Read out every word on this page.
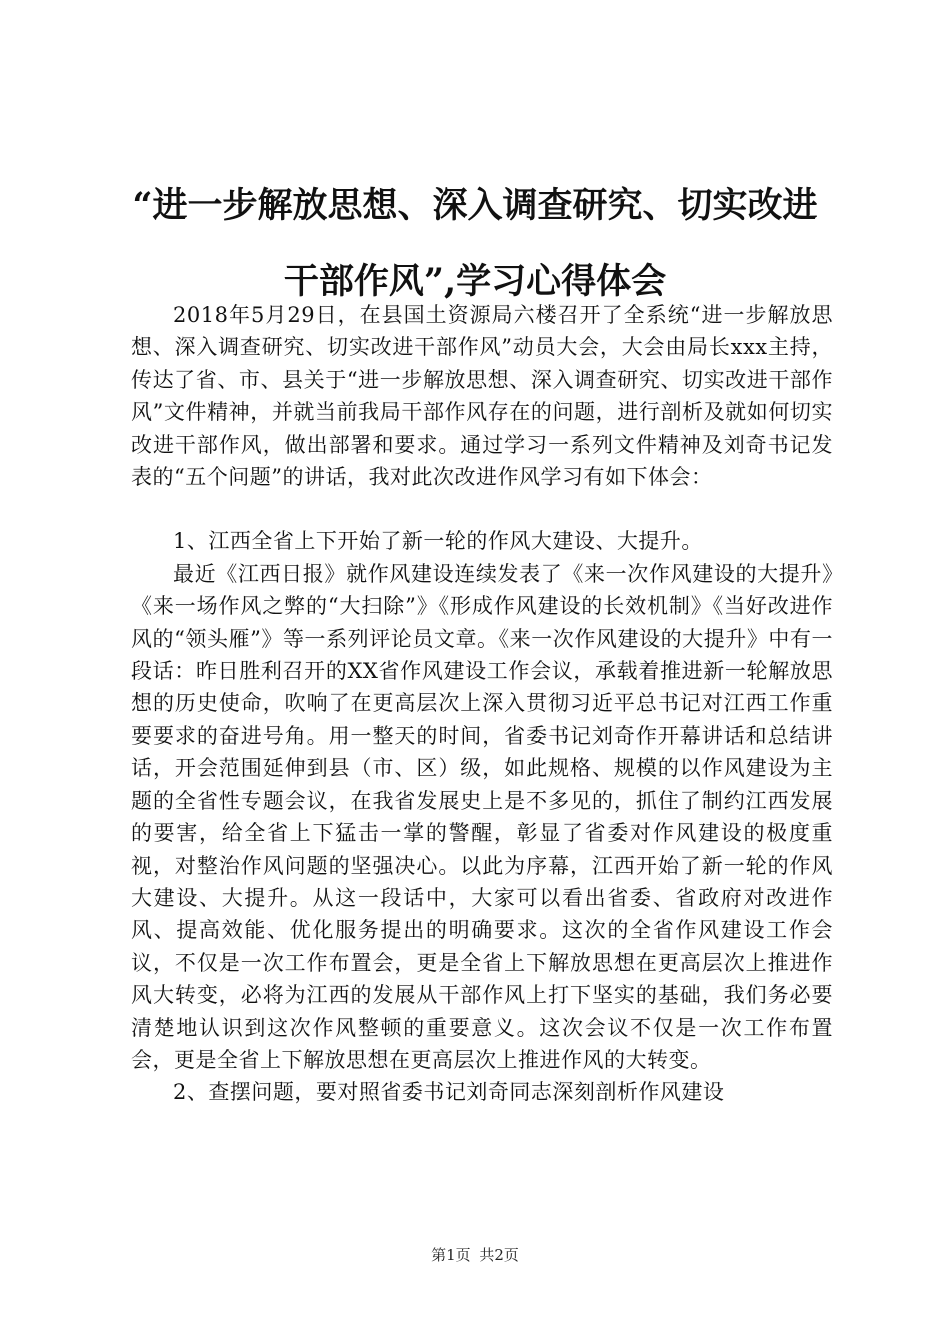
“进一步解放思想、深入调查研究、切实改进
干部作风”,学习心得体会

2018年5月29日，在县国土资源局六楼召开了全系统“进一步解放思想、深入调查研究、切实改进干部作风”动员大会，大会由局长xxx主持，传达了省、市、县关于“进一步解放思想、深入调查研究、切实改进干部作风”文件精神，并就当前我局干部作风存在的问题，进行剖析及就如何切实改进干部作风，做出部署和要求。通过学习一系列文件精神及刘奇书记发表的“五个问题”的讲话，我对此次改进作风学习有如下体会：

1、江西全省上下开始了新一轮的作风大建设、大提升。

最近《江西日报》就作风建设连续发表了《来一次作风建设的大提升》《来一场作风之弊的“大扫除”》《形成作风建设的长效机制》《当好改进作风的“领头雁”》等一系列评论员文章。《来一次作风建设的大提升》中有一段话：昨日胜利召开的XX省作风建设工作会议，承载着推进新一轮解放思想的历史使命，吹响了在更高层次上深入贯彻习近平总书记对江西工作重要要求的奋进号角。用一整天的时间，省委书记刘奇作开幕讲话和总结讲话，开会范围延伸到县（市、区）级，如此规格、规模的以作风建设为主题的全省性专题会议，在我省发展史上是不多见的，抓住了制约江西发展的要害，给全省上下猛击一掌的警醒，彰显了省委对作风建设的极度重视，对整治作风问题的坚强决心。以此为序幕，江西开始了新一轮的作风大建设、大提升。从这一段话中，大家可以看出省委、省政府对改进作风、提高效能、优化服务提出的明确要求。这次的全省作风建设工作会议，不仅是一次工作布置会，更是全省上下解放思想在更高层次上推进作风大转变，必将为江西的发展从干部作风上打下坚实的基础，我们务必要清楚地认识到这次作风整顿的重要意义。这次会议不仅是一次工作布置会，更是全省上下解放思想在更高层次上推进作风的大转变。

2、查摆问题，要对照省委书记刘奇同志深刻剖析作风建设

第1页 共2页
